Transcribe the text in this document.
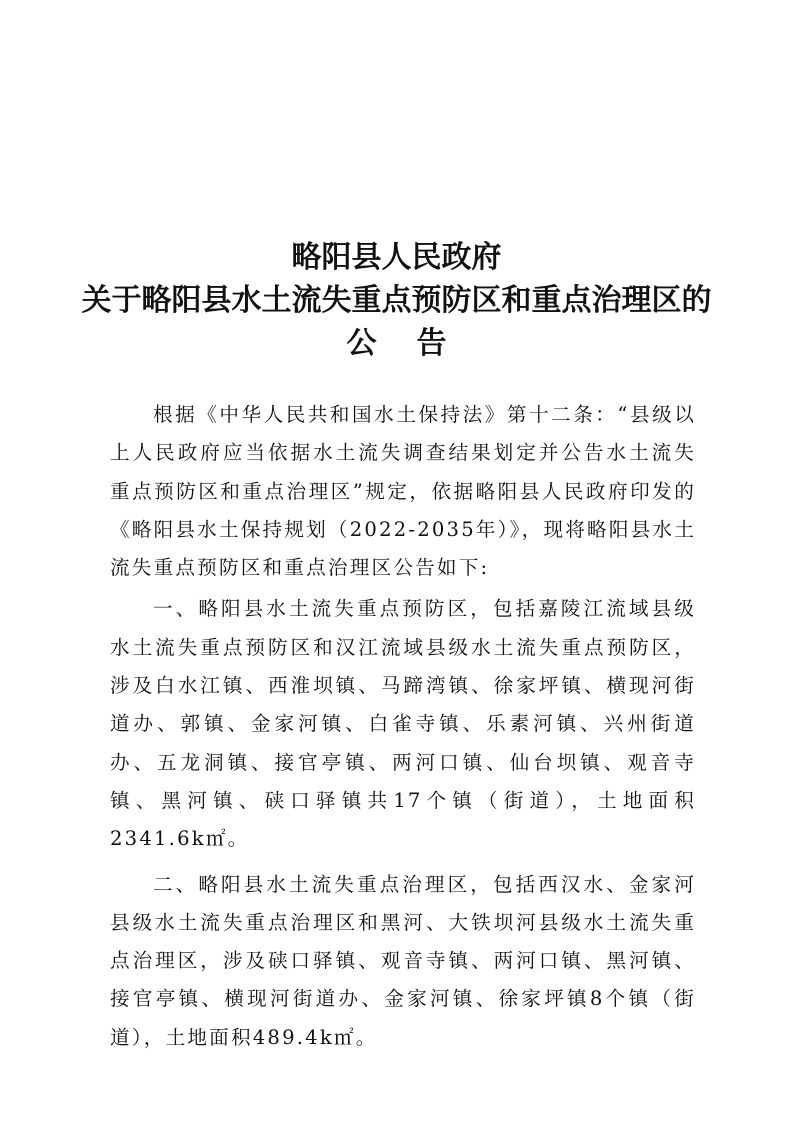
略阳县人民政府
关于略阳县水土流失重点预防区和重点治理区的
公告

根据《中华人民共和国水土保持法》第十二条：“县级以上人民政府应当依据水土流失调查结果划定并公告水土流失重点预防区和重点治理区”规定，依据略阳县人民政府印发的《略阳县水土保持规划（2022-2035年）》，现将略阳县水土流失重点预防区和重点治理区公告如下:

一、略阳县水土流失重点预防区，包括嘉陵江流域县级水土流失重点预防区和汉江流域县级水土流失重点预防区，涉及白水江镇、西淮坝镇、马蹄湾镇、徐家坪镇、横现河街道办、郭镇、金家河镇、白雀寺镇、乐素河镇、兴州街道办、五龙洞镇、接官亭镇、两河口镇、仙台坝镇、观音寺镇、黑河镇、硖口驿镇共17个镇（街道），土地面积2341.6k㎡。

二、略阳县水土流失重点治理区，包括西汉水、金家河县级水土流失重点治理区和黑河、大铁坝河县级水土流失重点治理区，涉及硖口驿镇、观音寺镇、两河口镇、黑河镇、接官亭镇、横现河街道办、金家河镇、徐家坪镇8个镇（街道），土地面积489.4k㎡。
